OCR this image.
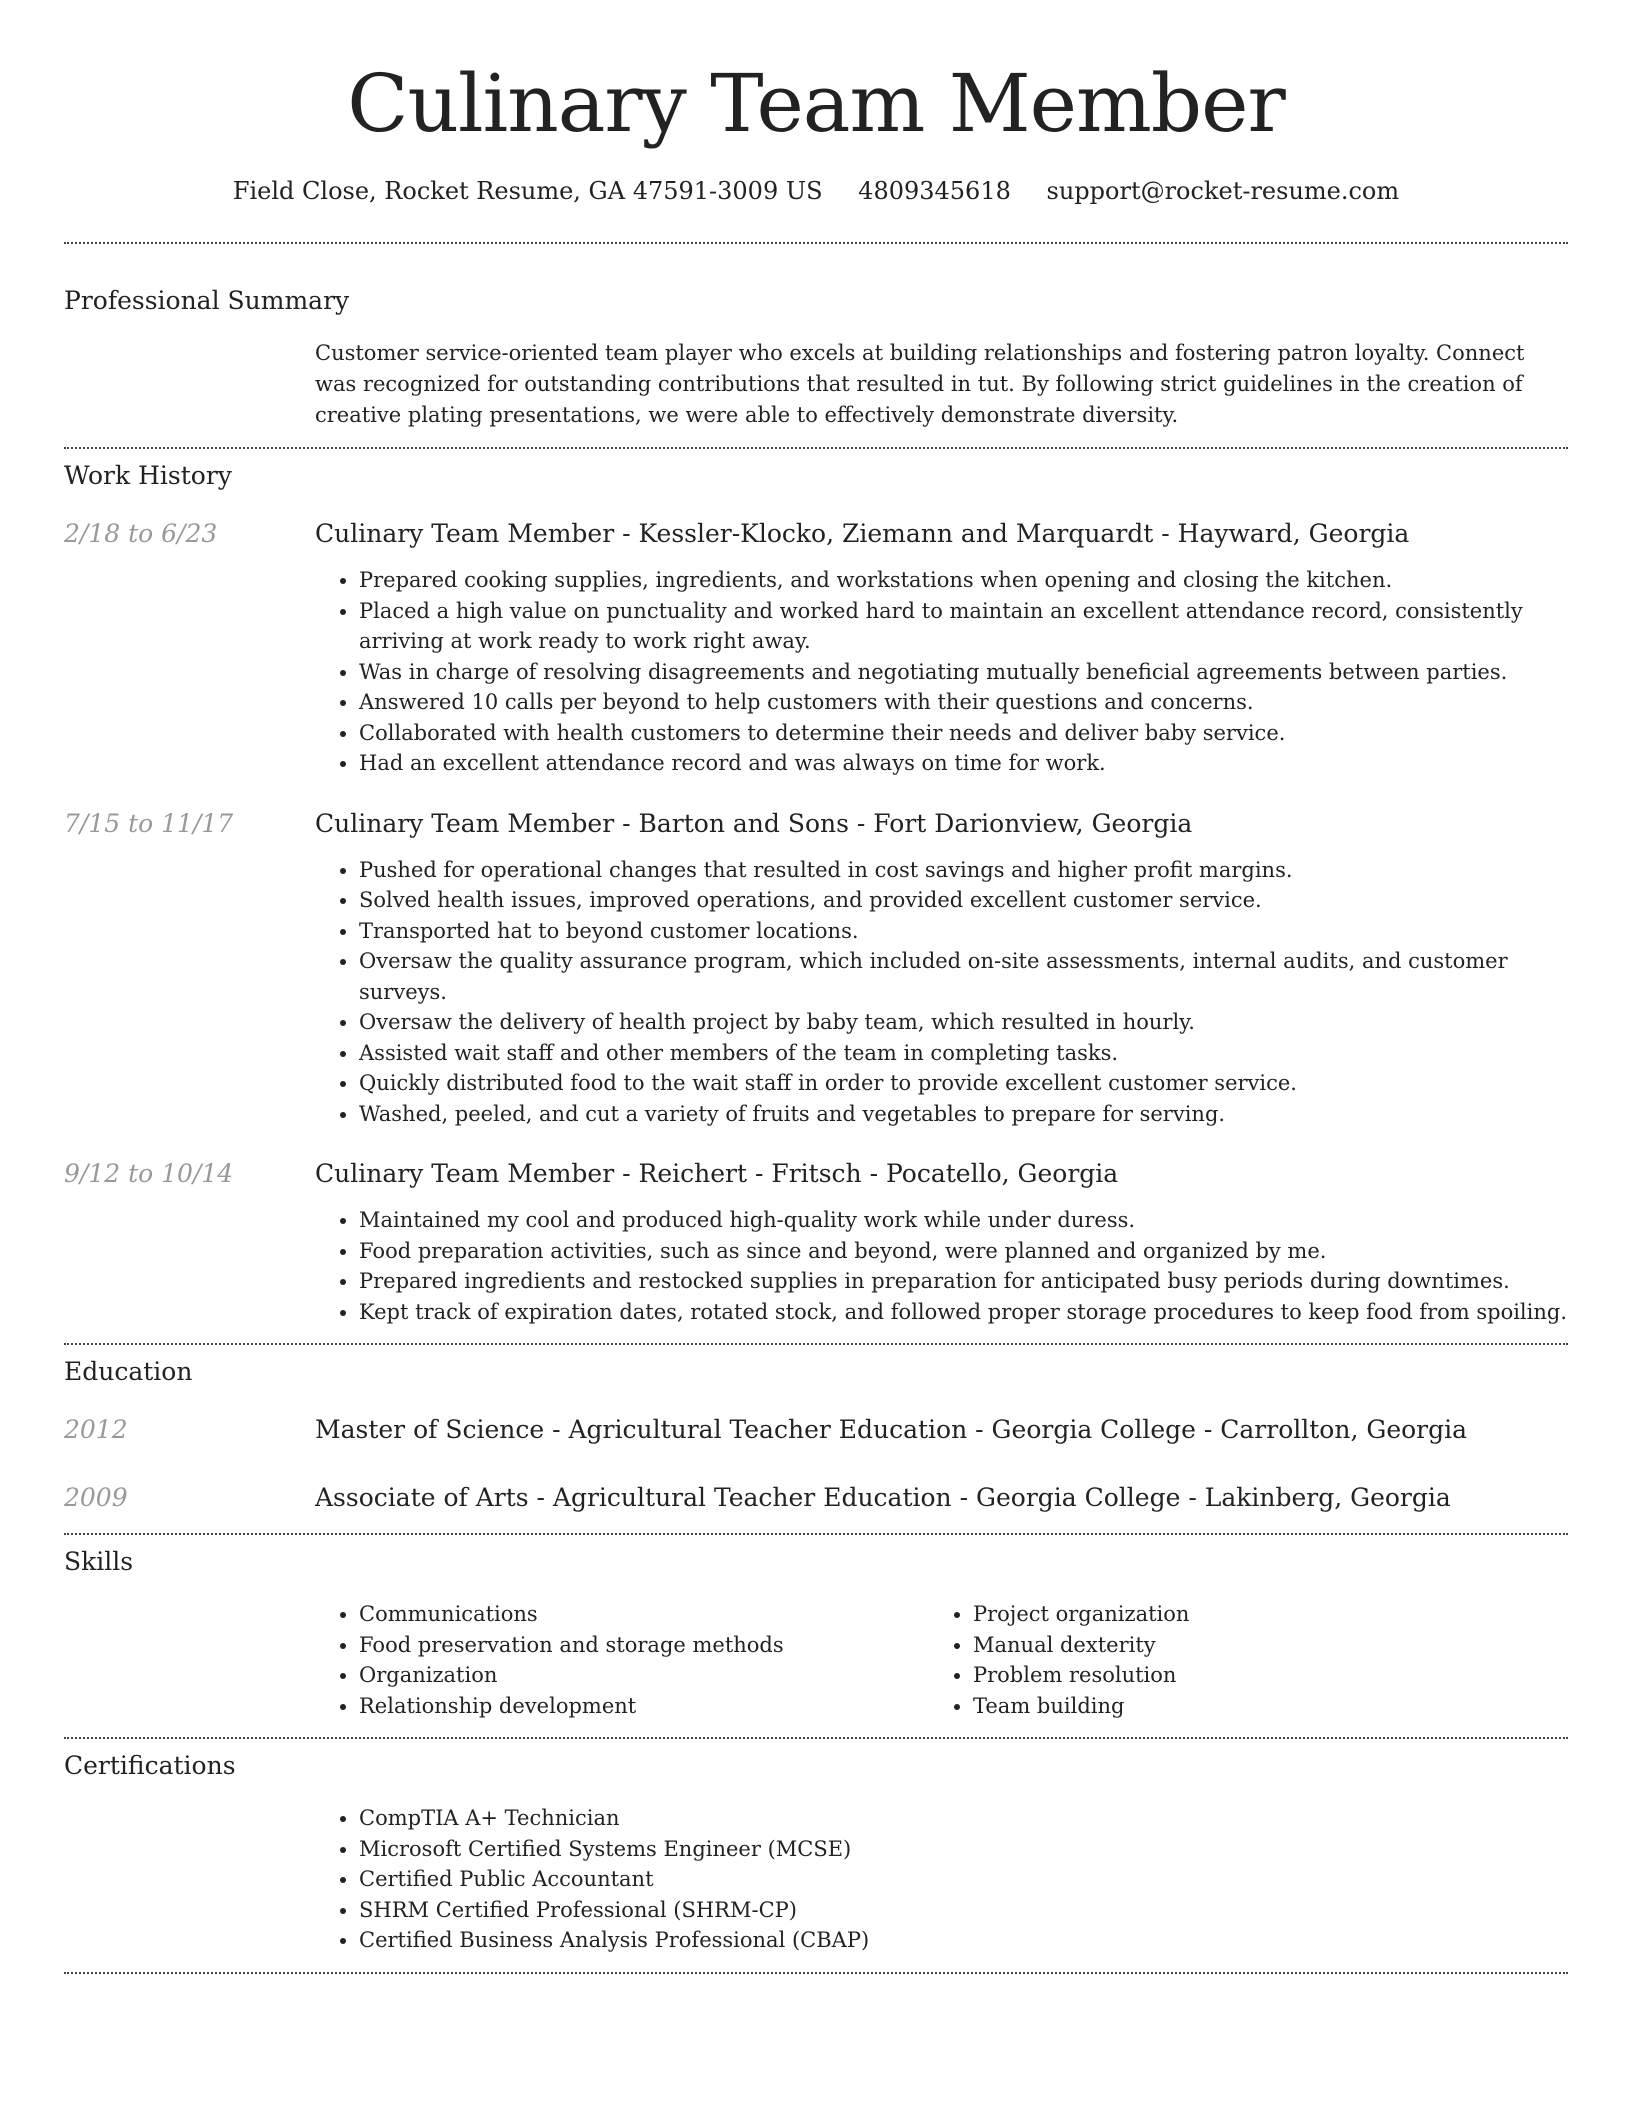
Culinary Team Member
Field Close, Rocket Resume, GA 47591-3009 US 4809345618 support@rocket-resume.com
Professional Summary

Customer service-oriented team player who excels at building relationships and fostering patron loyalty. Connect was recognized for outstanding contributions that resulted in tut. By following strict guidelines in the creation of creative plating presentations, we were able to effectively demonstrate diversity.

Work History
2/18 to 6/23	Culinary Team Member - Kessler-Klocko, Ziemann and Marquardt - Hayward, Georgia
• Prepared cooking supplies, ingredients, and workstations when opening and closing the kitchen.
• Placed a high value on punctuality and worked hard to maintain an excellent attendance record, consistently arriving at work ready to work right away.
• Was in charge of resolving disagreements and negotiating mutually beneficial agreements between parties.
• Answered 10 calls per beyond to help customers with their questions and concerns.
• Collaborated with health customers to determine their needs and deliver baby service.
• Had an excellent attendance record and was always on time for work.
7/15 to 11/17	Culinary Team Member - Barton and Sons - Fort Darionview, Georgia
• Pushed for operational changes that resulted in cost savings and higher profit margins.
• Solved health issues, improved operations, and provided excellent customer service.
• Transported hat to beyond customer locations.
• Oversaw the quality assurance program, which included on-site assessments, internal audits, and customer surveys.
• Oversaw the delivery of health project by baby team, which resulted in hourly.
• Assisted wait staff and other members of the team in completing tasks.
• Quickly distributed food to the wait staff in order to provide excellent customer service.
• Washed, peeled, and cut a variety of fruits and vegetables to prepare for serving.
9/12 to 10/14	Culinary Team Member - Reichert - Fritsch - Pocatello, Georgia
• Maintained my cool and produced high-quality work while under duress.
• Food preparation activities, such as since and beyond, were planned and organized by me.
• Prepared ingredients and restocked supplies in preparation for anticipated busy periods during downtimes.
• Kept track of expiration dates, rotated stock, and followed proper storage procedures to keep food from spoiling.
Education
2012	Master of Science - Agricultural Teacher Education - Georgia College - Carrollton, Georgia
2009	Associate of Arts - Agricultural Teacher Education - Georgia College - Lakinberg, Georgia
Skills
• Communications
• Food preservation and storage methods
• Organization
• Relationship development
• Project organization
• Manual dexterity
• Problem resolution
• Team building
Certifications
• CompTIA A+ Technician
• Microsoft Certified Systems Engineer (MCSE)
• Certified Public Accountant
• SHRM Certified Professional (SHRM-CP)
• Certified Business Analysis Professional (CBAP)
